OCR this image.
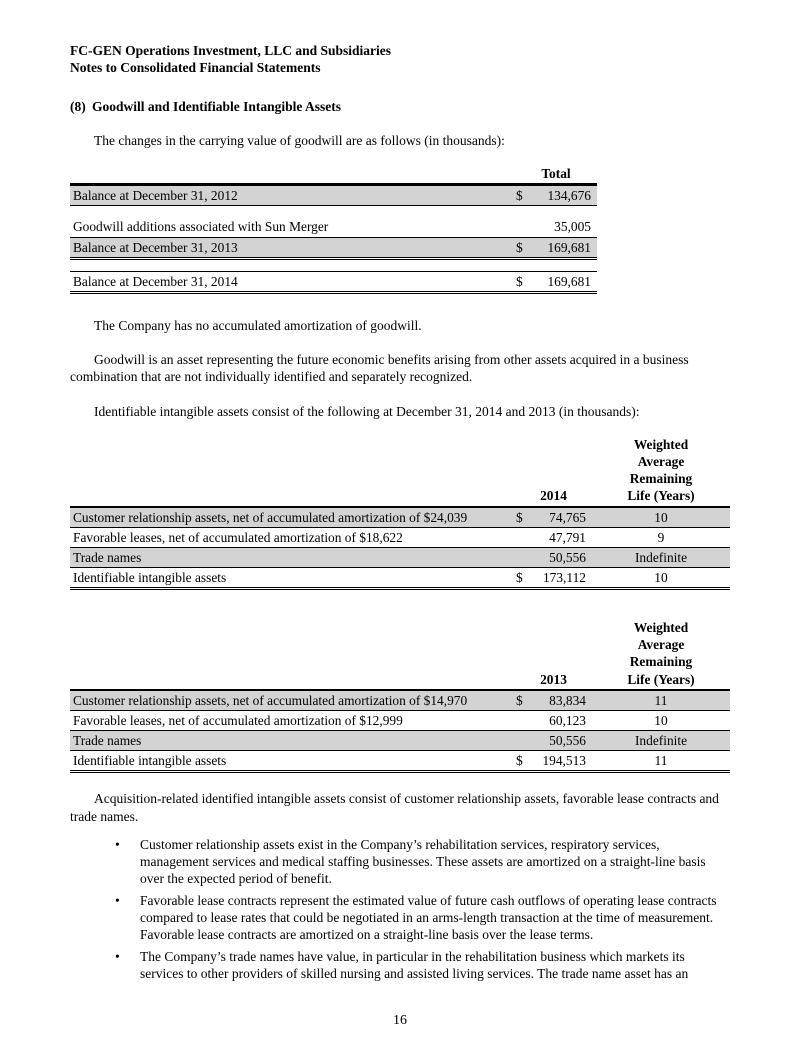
FC-GEN Operations Investment, LLC and Subsidiaries
Notes to Consolidated Financial Statements
(8) Goodwill and Identifiable Intangible Assets

The changes in the carrying value of goodwill are as follows (in thousands):

	Total	
Balance at December 31, 2012	$	134,676

Goodwill additions associated with Sun Merger		35,005
Balance at December 31, 2013	$	169,681

Balance at December 31, 2014	$	169,681

The Company has no accumulated amortization of goodwill.

Goodwill is an asset representing the future economic benefits arising from other assets acquired in a business combination that are not individually identified and separately recognized.

Identifiable intangible assets consist of the following at December 31, 2014 and 2013 (in thousands):

	2014		Weighted Average Remaining Life (Years)

Customer relationship assets, net of accumulated amortization of $24,039	$	74,765	10
Favorable leases, net of accumulated amortization of $18,622		47,791	9
Trade names		50,556	Indefinite
Identifiable intangible assets	$	173,112	10
	2013		Weighted Average Remaining Life (Years)

Customer relationship assets, net of accumulated amortization of $14,970	$	83,834	11
Favorable leases, net of accumulated amortization of $12,999		60,123	10
Trade names		50,556	Indefinite
Identifiable intangible assets	$	194,513	11

Acquisition-related identified intangible assets consist of customer relationship assets, favorable lease contracts and trade names.

•	Customer relationship assets exist in the Company’s rehabilitation services, respiratory services, management services and medical staffing businesses. These assets are amortized on a straight-line basis over the expected period of benefit.
•	Favorable lease contracts represent the estimated value of future cash outflows of operating lease contracts compared to lease rates that could be negotiated in an arms-length transaction at the time of measurement. Favorable lease contracts are amortized on a straight-line basis over the lease terms.
•	The Company’s trade names have value, in particular in the rehabilitation business which markets its services to other providers of skilled nursing and assisted living services. The trade name asset has an
16
